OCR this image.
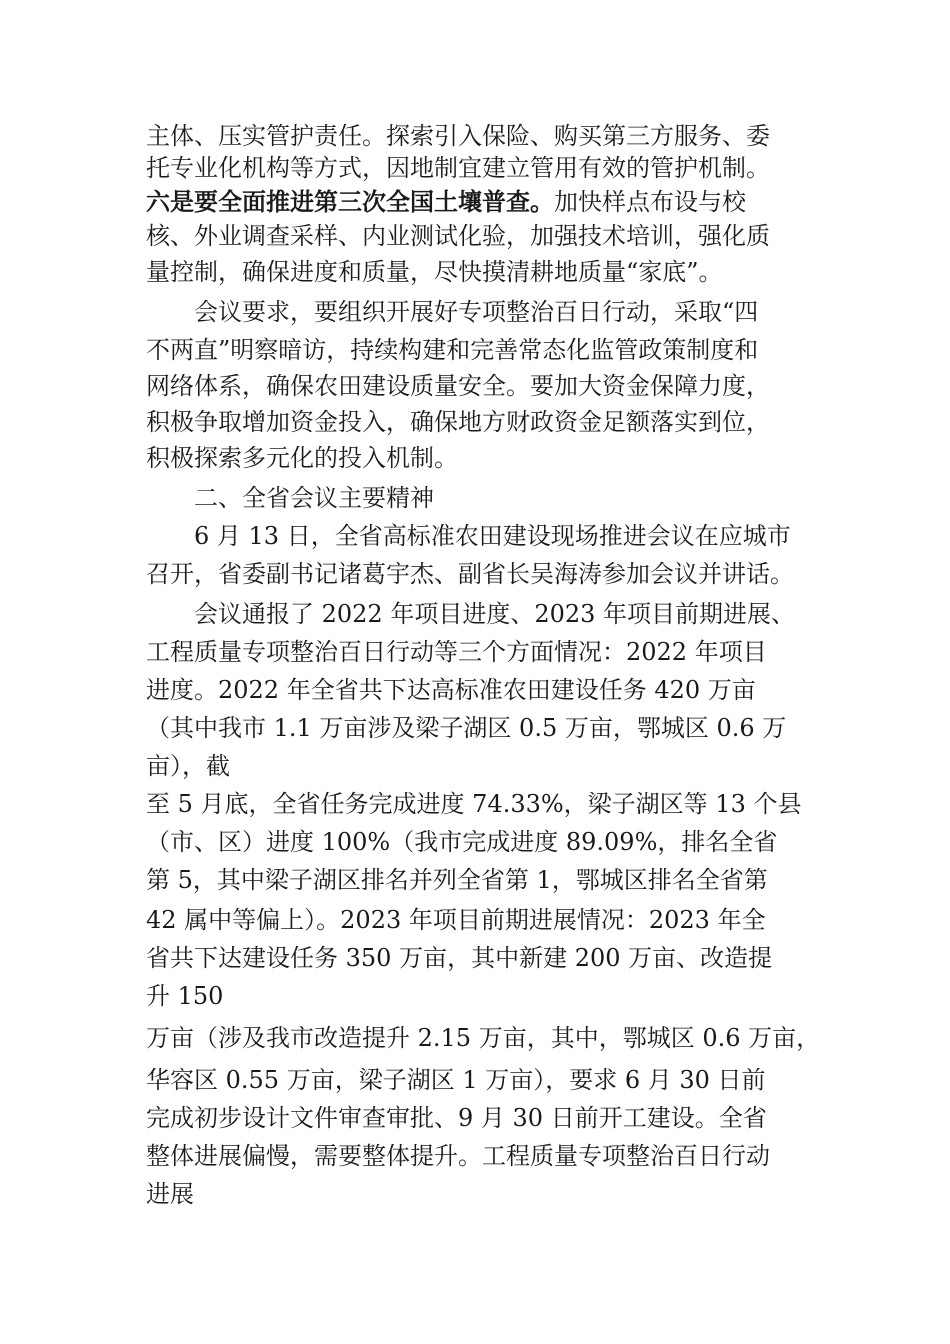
主体、压实管护责任。探索引入保险、购买第三方服务、委
托专业化机构等方式，因地制宜建立管用有效的管护机制。
六是要全面推进第三次全国土壤普查。加快样点布设与校
核、外业调查采样、内业测试化验，加强技术培训，强化质
量控制，确保进度和质量，尽快摸清耕地质量“家底”。
会议要求，要组织开展好专项整治百日行动，采取“四
不两直”明察暗访，持续构建和完善常态化监管政策制度和
网络体系，确保农田建设质量安全。要加大资金保障力度，
积极争取增加资金投入，确保地方财政资金足额落实到位，
积极探索多元化的投入机制。
二、全省会议主要精神
6 月 13 日，全省高标准农田建设现场推进会议在应城市
召开，省委副书记诸葛宇杰、副省长吴海涛参加会议并讲话。
会议通报了 2022 年项目进度、2023 年项目前期进展、
工程质量专项整治百日行动等三个方面情况：2022 年项目
进度。2022 年全省共下达高标准农田建设任务 420 万亩
（其中我市 1.1 万亩涉及梁子湖区 0.5 万亩，鄂城区 0.6 万
亩），截
至 5 月底，全省任务完成进度 74.33%，梁子湖区等 13 个县
（市、区）进度 100%（我市完成进度 89.09%，排名全省
第 5，其中梁子湖区排名并列全省第 1，鄂城区排名全省第
42 属中等偏上）。2023 年项目前期进展情况：2023 年全
省共下达建设任务 350 万亩，其中新建 200 万亩、改造提
升 150
万亩（涉及我市改造提升 2.15 万亩，其中，鄂城区 0.6 万亩，
华容区 0.55 万亩，梁子湖区 1 万亩），要求 6 月 30 日前
完成初步设计文件审查审批、9 月 30 日前开工建设。全省
整体进展偏慢，需要整体提升。工程质量专项整治百日行动
进展
